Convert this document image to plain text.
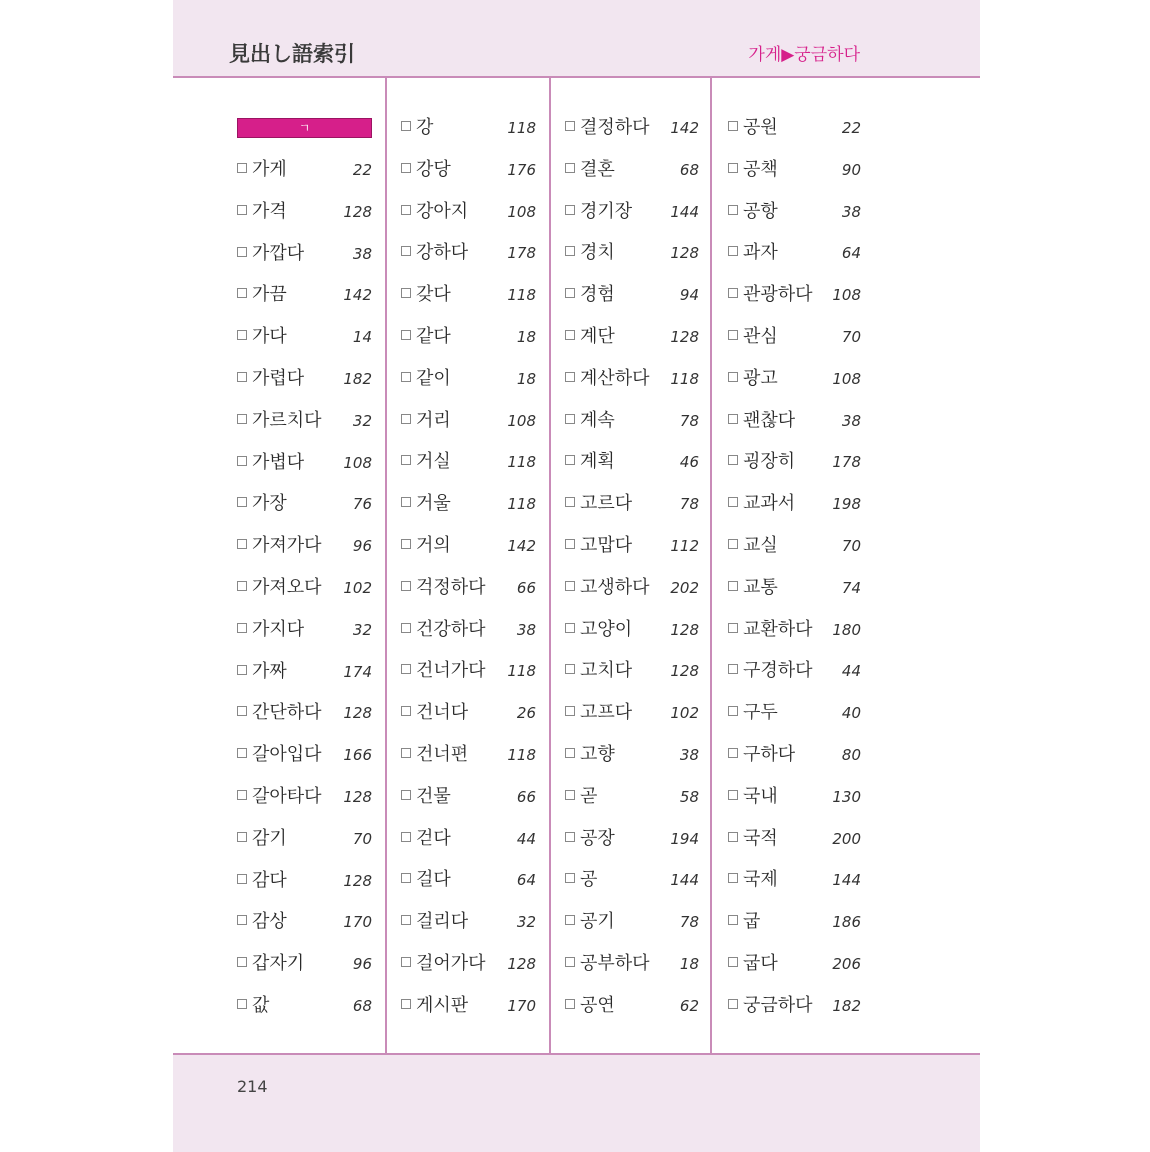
見出し語索引	가게▶궁금하다
ㄱ
가게	22
가격	128
가깝다	38
가끔	142
가다	14
가렵다	182
가르치다 32
가볍다	108
가장	76
가져가다 96
가져오다 102
가지다	32
가짜	174
간단하다 128
갈아입다 166
갈아타다 128
감기	70
감다	128
감상	170
갑자기	96
값	68
강	118
강당	176
강아지	108
강하다	178
갖다	118
같다	18
같이	18
거리	108
거실	118
거울	118
거의	142
걱정하다 66
건강하다 38
건너가다 118
건너다	26
건너편	118
건물	66
걷다	44
걸다	64
걸리다	32
걸어가다 128
게시판	170
결정하다 142
결혼	68
경기장	144
경치	128
경험	94
계단	128
계산하다 118
계속	78
계획	46
고르다	78
고맙다	112
고생하다 202
고양이	128
고치다	128
고프다	102
고향	38
곧	58
공장	194
공	144
공기	78
공부하다 18
공연	62
공원	22
공책	90
공항	38
과자	64
관광하다 108
관심	70
광고	108
괜찮다	38
굉장히 178
교과서 198
교실	70
교통	74
교환하다 180
구경하다 44
구두	40
구하다	80
국내	130
국적	200
국제	144
굽	186
굽다	206
궁금하다 182
214
